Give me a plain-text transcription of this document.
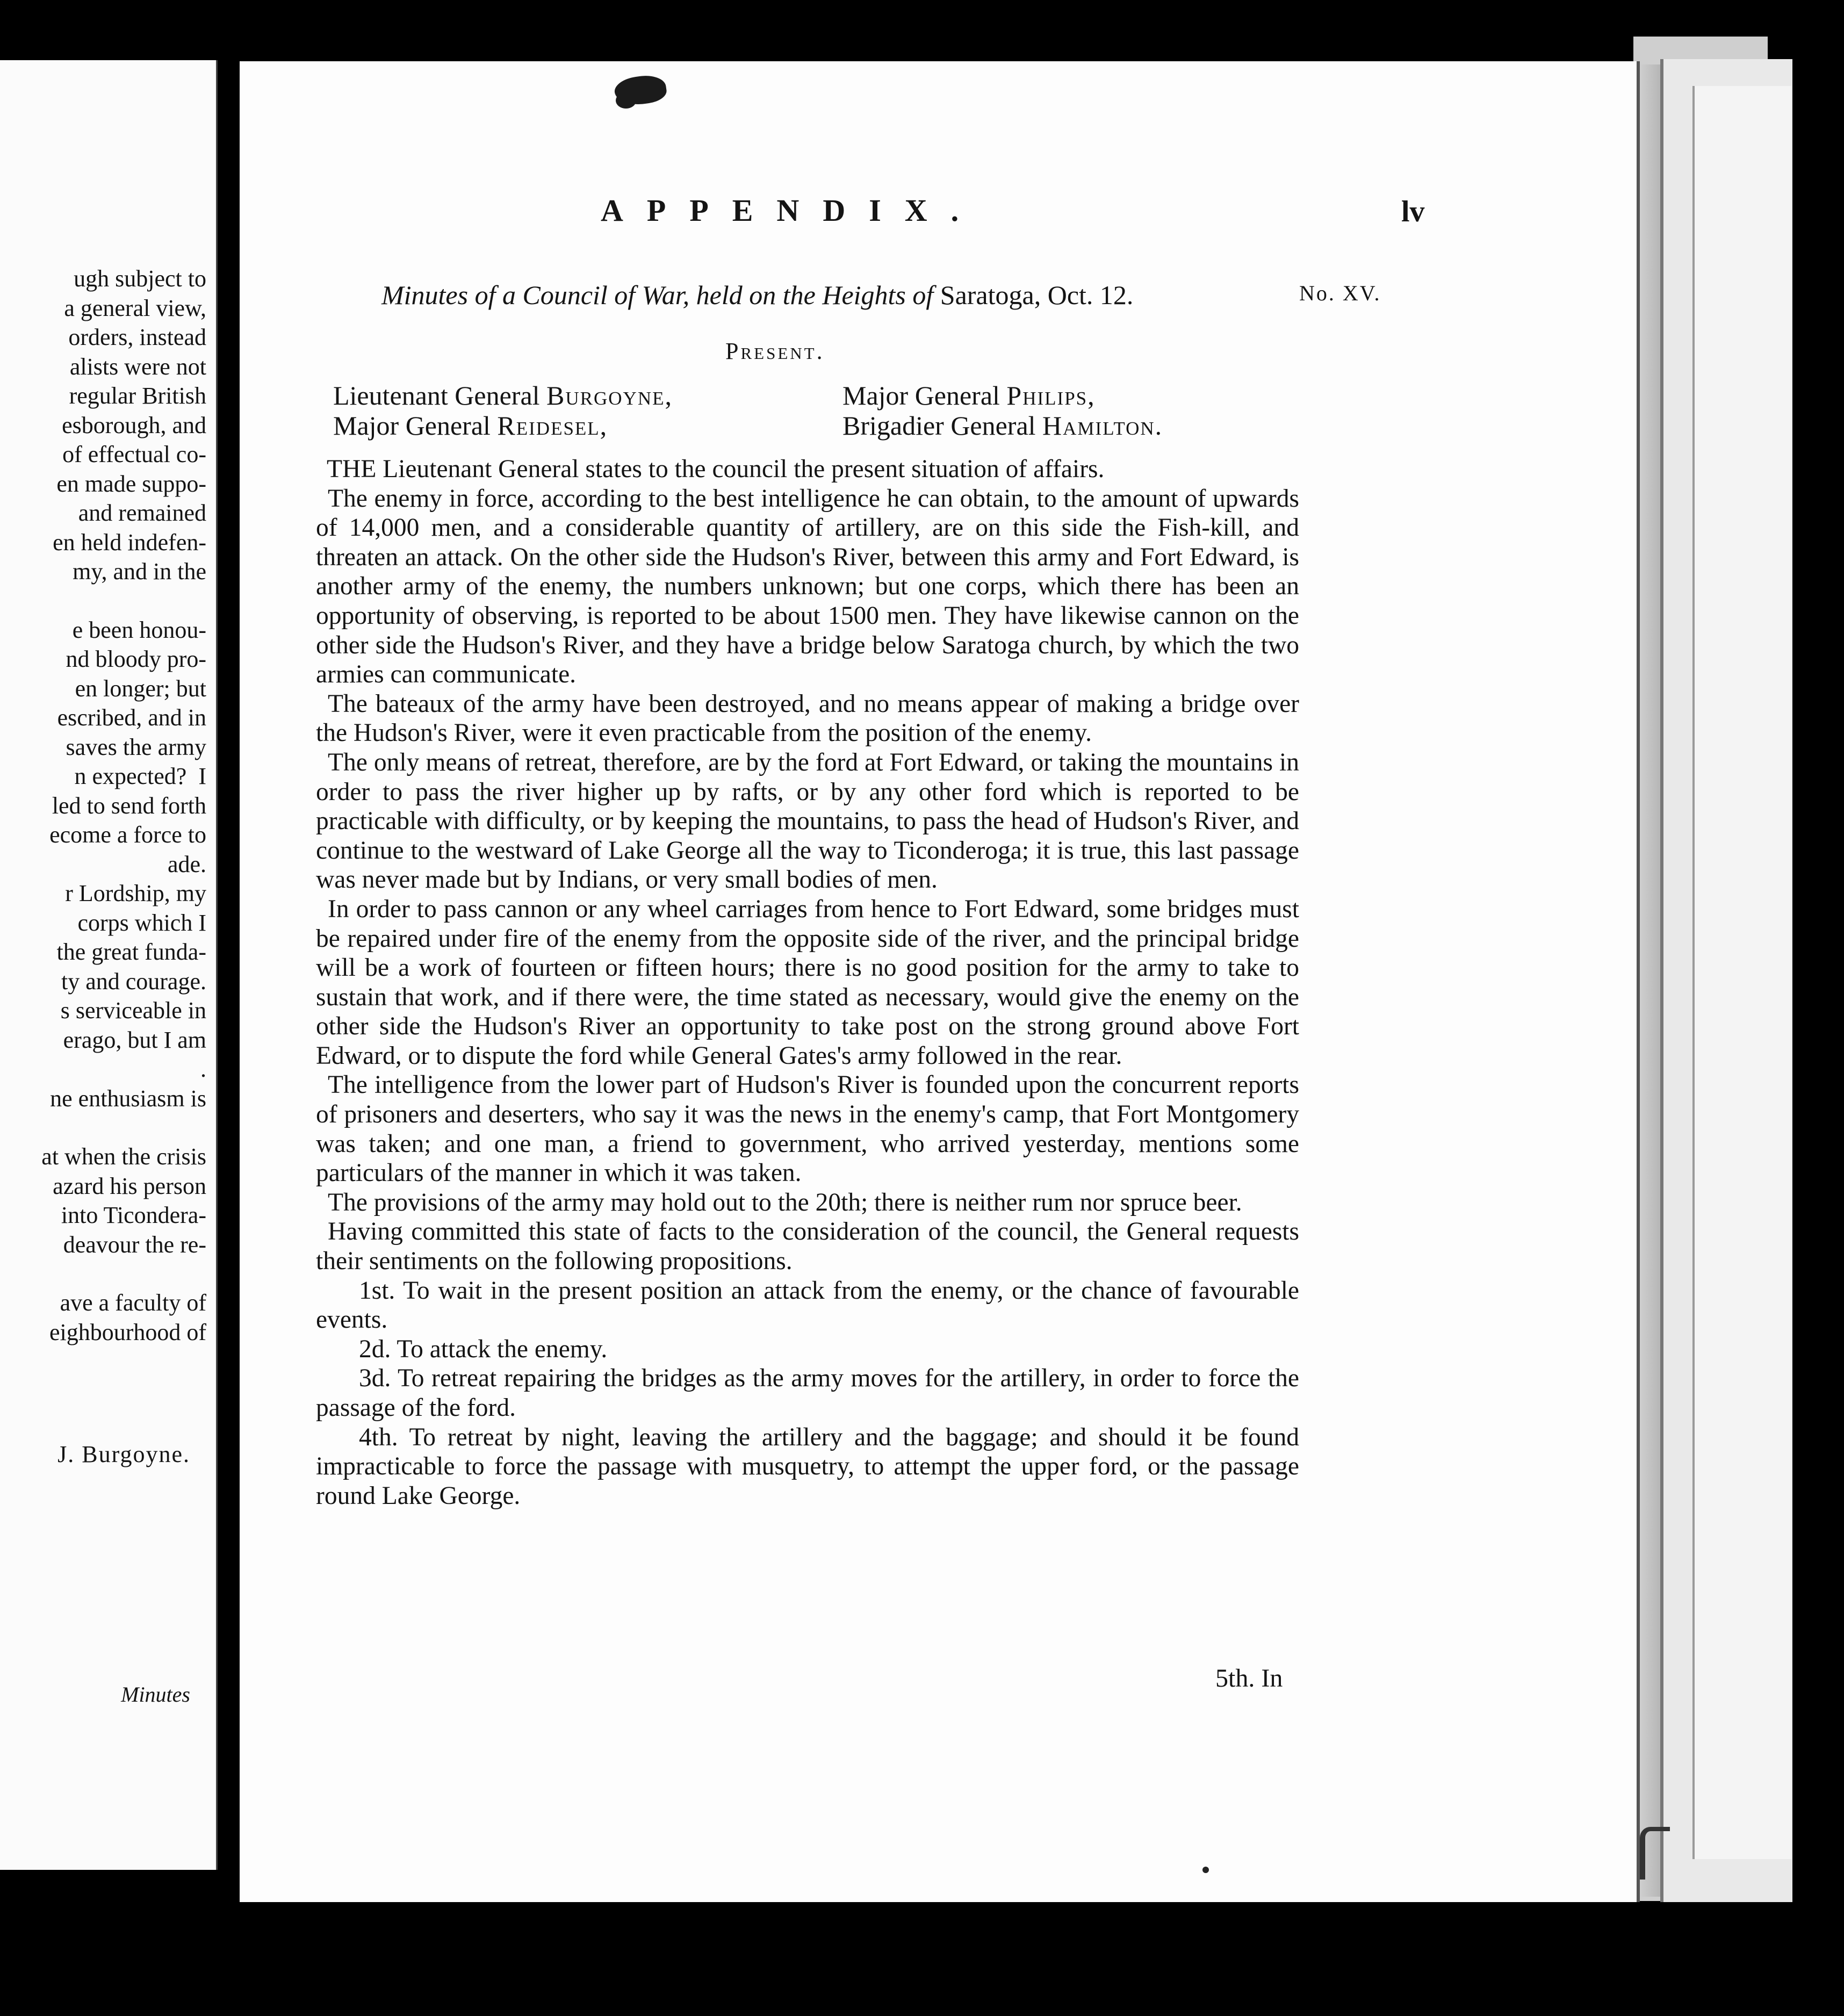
ugh subject to
a general view,
orders, instead
alists were not
regular British
esborough, and
of effectual co-
en made suppo-
and remained
en held indefen-
my, and in the
e been honou-
nd bloody pro-
en longer; but
escribed, and in
saves the army
n expected?  I
led to send forth
ecome a force to
ade.
r Lordship, my
corps which I
the great funda-
ty and courage.
s serviceable in
erago, but I am
.
ne enthusiasm is
at when the crisis
azard his person
into Ticondera-
deavour the re-
ave a faculty of
eighbourhood of
J. Burgoyne.
Minutes
APPENDIX.	lv
Minutes of a Council of War, held on the Heights of Saratoga, Oct. 12.	No. XV.
Present.
Lieutenant General Burgoyne,
Major General Reidesel,
Major General Philips,
Brigadier General Hamilton.

THE Lieutenant General states to the council the present situation of affairs.

The enemy in force, according to the best intelligence he can obtain, to the amount of upwards of 14,000 men, and a considerable quantity of artillery, are on this side the Fish-kill, and threaten an attack. On the other side the Hudson's River, between this army and Fort Edward, is another army of the enemy, the numbers unknown; but one corps, which there has been an opportunity of observing, is reported to be about 1500 men. They have likewise cannon on the other side the Hudson's River, and they have a bridge below Saratoga church, by which the two armies can communicate.

The bateaux of the army have been destroyed, and no means appear of making a bridge over the Hudson's River, were it even practicable from the position of the enemy.

The only means of retreat, therefore, are by the ford at Fort Edward, or taking the mountains in order to pass the river higher up by rafts, or by any other ford which is reported to be practicable with difficulty, or by keeping the mountains, to pass the head of Hudson's River, and continue to the westward of Lake George all the way to Ticonderoga; it is true, this last passage was never made but by Indians, or very small bodies of men.

In order to pass cannon or any wheel carriages from hence to Fort Edward, some bridges must be repaired under fire of the enemy from the opposite side of the river, and the principal bridge will be a work of fourteen or fifteen hours; there is no good position for the army to take to sustain that work, and if there were, the time stated as necessary, would give the enemy on the other side the Hudson's River an opportunity to take post on the strong ground above Fort Edward, or to dispute the ford while General Gates's army followed in the rear.

The intelligence from the lower part of Hudson's River is founded upon the concurrent reports of prisoners and deserters, who say it was the news in the enemy's camp, that Fort Montgomery was taken; and one man, a friend to government, who arrived yesterday, mentions some particulars of the manner in which it was taken.

The provisions of the army may hold out to the 20th; there is neither rum nor spruce beer.

Having committed this state of facts to the consideration of the council, the General requests their sentiments on the following propositions.

1st. To wait in the present position an attack from the enemy, or the chance of favourable events.

2d. To attack the enemy.

3d. To retreat repairing the bridges as the army moves for the artillery, in order to force the passage of the ford.

4th. To retreat by night, leaving the artillery and the baggage; and should it be found impracticable to force the passage with musquetry, to attempt the upper ford, or the passage round Lake George.

5th. In
